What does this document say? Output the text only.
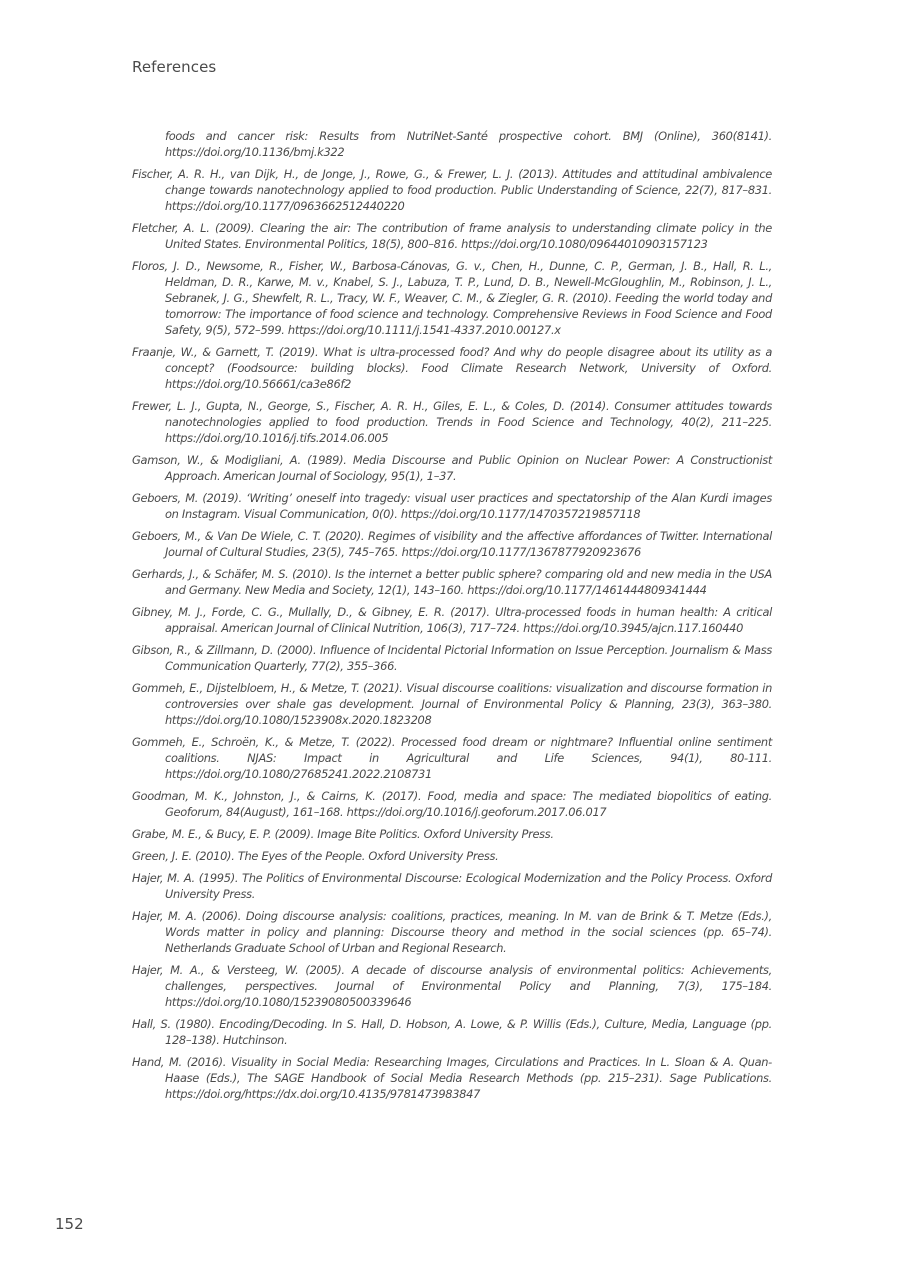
References

foods and cancer risk: Results from NutriNet-Santé prospective cohort. BMJ (Online), 360(8141). https://doi.org/10.1136/bmj.k322

Fischer, A. R. H., van Dijk, H., de Jonge, J., Rowe, G., & Frewer, L. J. (2013). Attitudes and attitudinal ambivalence change towards nanotechnology applied to food production. Public Understanding of Science, 22(7), 817–831. https://doi.org/10.1177/0963662512440220

Fletcher, A. L. (2009). Clearing the air: The contribution of frame analysis to understanding climate policy in the United States. Environmental Politics, 18(5), 800–816. https://doi.org/10.1080/09644010903157123

Floros, J. D., Newsome, R., Fisher, W., Barbosa-Cánovas, G. v., Chen, H., Dunne, C. P., German, J. B., Hall, R. L., Heldman, D. R., Karwe, M. v., Knabel, S. J., Labuza, T. P., Lund, D. B., Newell-McGloughlin, M., Robinson, J. L., Sebranek, J. G., Shewfelt, R. L., Tracy, W. F., Weaver, C. M., & Ziegler, G. R. (2010). Feeding the world today and tomorrow: The importance of food science and technology. Comprehensive Reviews in Food Science and Food Safety, 9(5), 572–599. https://doi.org/10.1111/j.1541-4337.2010.00127.x

Fraanje, W., & Garnett, T. (2019). What is ultra-processed food? And why do people disagree about its utility as a concept? (Foodsource: building blocks). Food Climate Research Network, University of Oxford. https://doi.org/10.56661/ca3e86f2

Frewer, L. J., Gupta, N., George, S., Fischer, A. R. H., Giles, E. L., & Coles, D. (2014). Consumer attitudes towards nanotechnologies applied to food production. Trends in Food Science and Technology, 40(2), 211–225. https://doi.org/10.1016/j.tifs.2014.06.005

Gamson, W., & Modigliani, A. (1989). Media Discourse and Public Opinion on Nuclear Power: A Constructionist Approach. American Journal of Sociology, 95(1), 1–37.

Geboers, M. (2019). ‘Writing’ oneself into tragedy: visual user practices and spectatorship of the Alan Kurdi images on Instagram. Visual Communication, 0(0). https://doi.org/10.1177/1470357219857118

Geboers, M., & Van De Wiele, C. T. (2020). Regimes of visibility and the affective affordances of Twitter. International Journal of Cultural Studies, 23(5), 745–765. https://doi.org/10.1177/1367877920923676

Gerhards, J., & Schäfer, M. S. (2010). Is the internet a better public sphere? comparing old and new media in the USA and Germany. New Media and Society, 12(1), 143–160. https://doi.org/10.1177/1461444809341444

Gibney, M. J., Forde, C. G., Mullally, D., & Gibney, E. R. (2017). Ultra-processed foods in human health: A critical appraisal. American Journal of Clinical Nutrition, 106(3), 717–724. https://doi.org/10.3945/ajcn.117.160440

Gibson, R., & Zillmann, D. (2000). Influence of Incidental Pictorial Information on Issue Perception. Journalism & Mass Communication Quarterly, 77(2), 355–366.

Gommeh, E., Dijstelbloem, H., & Metze, T. (2021). Visual discourse coalitions: visualization and discourse formation in controversies over shale gas development. Journal of Environmental Policy & Planning, 23(3), 363–380. https://doi.org/10.1080/1523908x.2020.1823208

Gommeh, E., Schroën, K., & Metze, T. (2022). Processed food dream or nightmare? Influential online sentiment coalitions. NJAS: Impact in Agricultural and Life Sciences, 94(1), 80-111. https://doi.org/10.1080/27685241.2022.2108731

Goodman, M. K., Johnston, J., & Cairns, K. (2017). Food, media and space: The mediated biopolitics of eating. Geoforum, 84(August), 161–168. https://doi.org/10.1016/j.geoforum.2017.06.017

Grabe, M. E., & Bucy, E. P. (2009). Image Bite Politics. Oxford University Press.

Green, J. E. (2010). The Eyes of the People. Oxford University Press.

Hajer, M. A. (1995). The Politics of Environmental Discourse: Ecological Modernization and the Policy Process. Oxford University Press.

Hajer, M. A. (2006). Doing discourse analysis: coalitions, practices, meaning. In M. van de Brink & T. Metze (Eds.), Words matter in policy and planning: Discourse theory and method in the social sciences (pp. 65–74). Netherlands Graduate School of Urban and Regional Research.

Hajer, M. A., & Versteeg, W. (2005). A decade of discourse analysis of environmental politics: Achievements, challenges, perspectives. Journal of Environmental Policy and Planning, 7(3), 175–184. https://doi.org/10.1080/15239080500339646

Hall, S. (1980). Encoding/Decoding. In S. Hall, D. Hobson, A. Lowe, & P. Willis (Eds.), Culture, Media, Language (pp. 128–138). Hutchinson.

Hand, M. (2016). Visuality in Social Media: Researching Images, Circulations and Practices. In L. Sloan & A. Quan-Haase (Eds.), The SAGE Handbook of Social Media Research Methods (pp. 215–231). Sage Publications. https://doi.org/https://dx.doi.org/10.4135/9781473983847

152
